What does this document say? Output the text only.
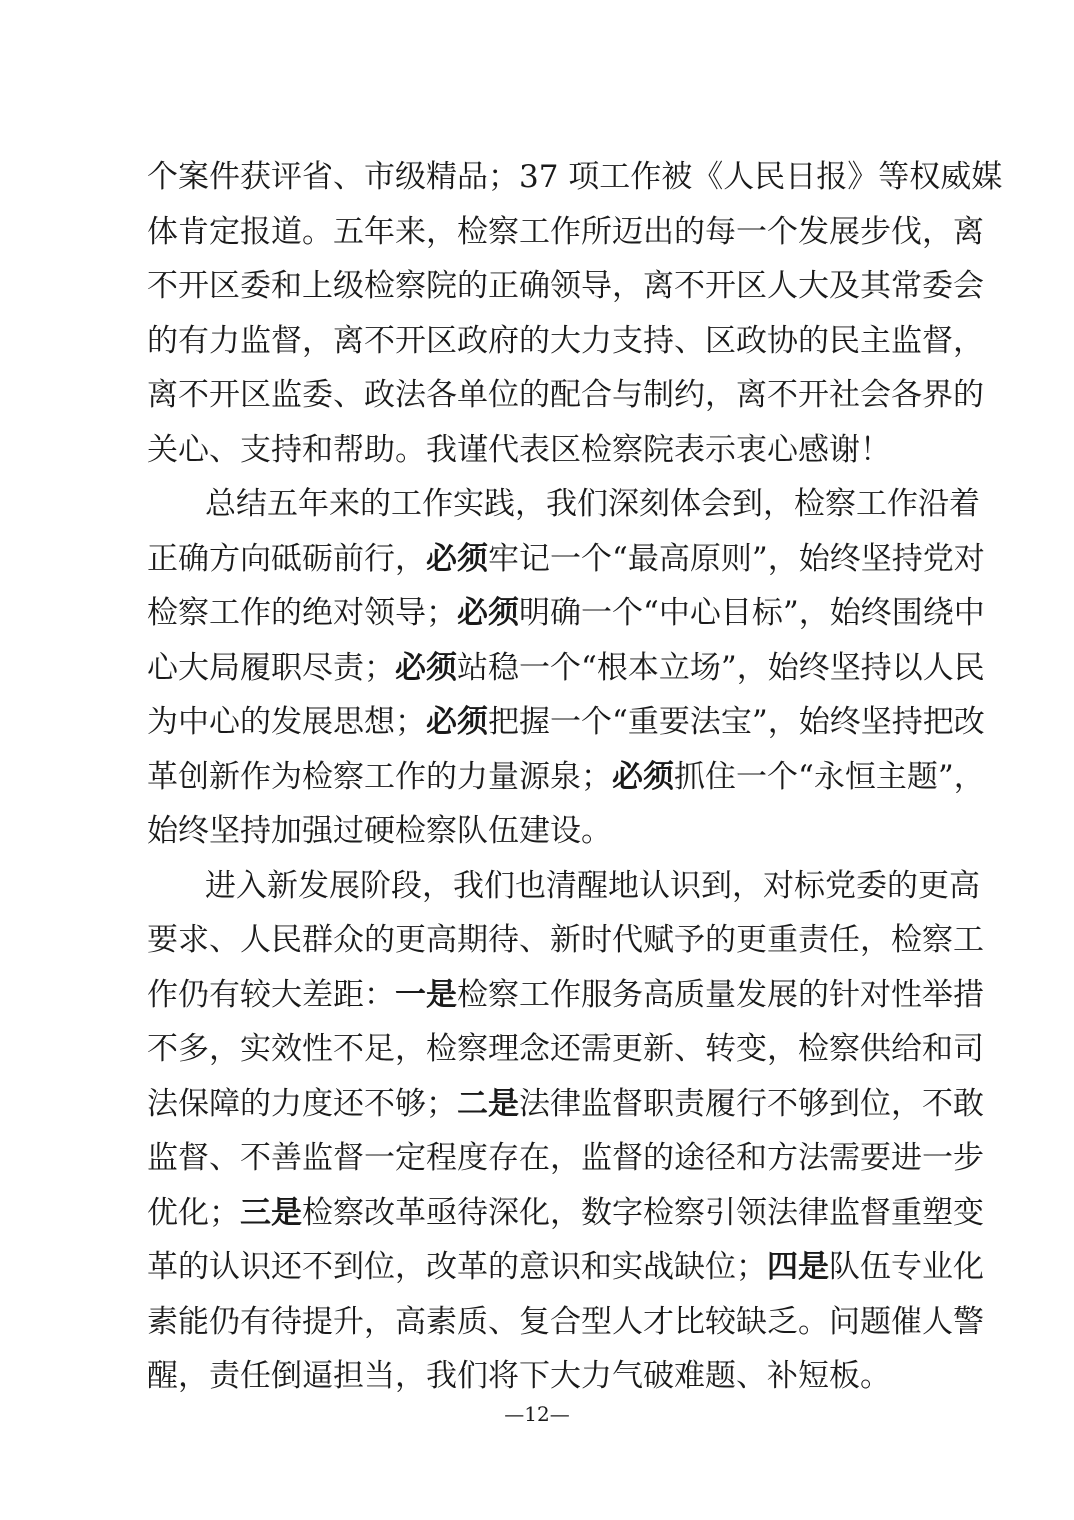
个案件获评省、市级精品；37 项工作被《人民日报》等权威媒
体肯定报道。五年来，检察工作所迈出的每一个发展步伐，离
不开区委和上级检察院的正确领导，离不开区人大及其常委会
的有力监督，离不开区政府的大力支持、区政协的民主监督，
离不开区监委、政法各单位的配合与制约，离不开社会各界的
关心、支持和帮助。我谨代表区检察院表示衷心感谢！
总结五年来的工作实践，我们深刻体会到，检察工作沿着
正确方向砥砺前行，必须牢记一个“最高原则”，始终坚持党对
检察工作的绝对领导；必须明确一个“中心目标”，始终围绕中
心大局履职尽责；必须站稳一个“根本立场”，始终坚持以人民
为中心的发展思想；必须把握一个“重要法宝”，始终坚持把改
革创新作为检察工作的力量源泉；必须抓住一个“永恒主题”，
始终坚持加强过硬检察队伍建设。
进入新发展阶段，我们也清醒地认识到，对标党委的更高
要求、人民群众的更高期待、新时代赋予的更重责任，检察工
作仍有较大差距：一是检察工作服务高质量发展的针对性举措
不多，实效性不足，检察理念还需更新、转变，检察供给和司
法保障的力度还不够；二是法律监督职责履行不够到位，不敢
监督、不善监督一定程度存在，监督的途径和方法需要进一步
优化；三是检察改革亟待深化，数字检察引领法律监督重塑变
革的认识还不到位，改革的意识和实战缺位；四是队伍专业化
素能仍有待提升，高素质、复合型人才比较缺乏。问题催人警
醒，责任倒逼担当，我们将下大力气破难题、补短板。
—12—
